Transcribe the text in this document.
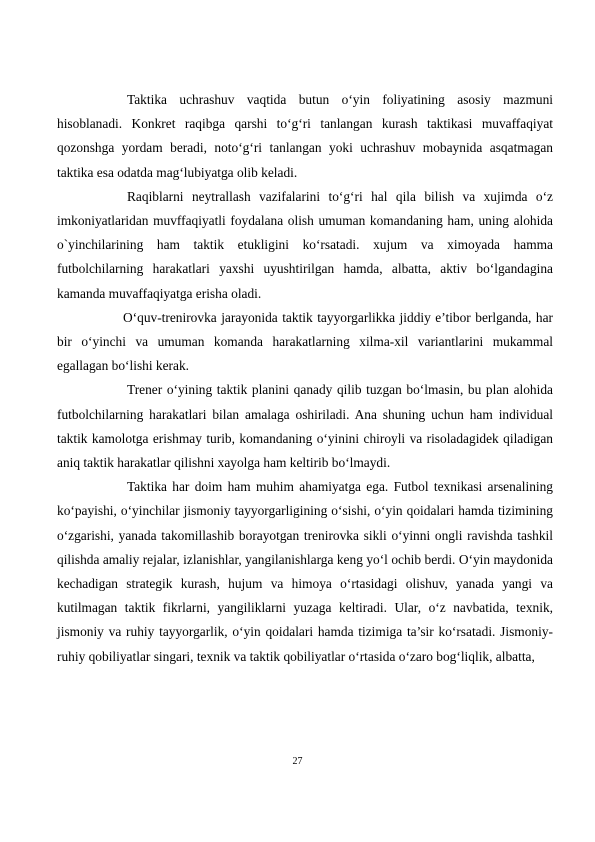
Taktika uchrashuv vaqtida butun o‘yin foliyatining asosiy mazmuni hisoblanadi. Konkret raqibga qarshi to‘g‘ri tanlangan kurash taktikasi muvaffaqiyat qozonshga yordam beradi, noto‘g‘ri tanlangan yoki uchrashuv mobaynida asqatmagan taktika esa odatda mag‘lubiyatga olib keladi.

Raqiblarni neytrallash vazifalarini to‘g‘ri hal qila bilish va xujimda o‘z imkoniyatlaridan muvffaqiyatli foydalana olish umuman komandaning ham, uning alohida o`yinchilarining ham taktik etukligini ko‘rsatadi. xujum va ximoyada hamma futbolchilarning harakatlari yaxshi uyushtirilgan hamda, albatta, aktiv bo‘lgandagina kamanda muvaffaqiyatga erisha oladi.

O‘quv-trenirovka jarayonida taktik tayyorgarlikka jiddiy e’tibor berlganda, har bir o‘yinchi va umuman komanda harakatlarning xilma-xil variantlarini mukammal egallagan bo‘lishi kerak.

Trener o‘yining taktik planini qanady qilib tuzgan bo‘lmasin, bu plan alohida futbolchilarning harakatlari bilan amalaga oshiriladi. Ana shuning uchun ham individual taktik kamolotga erishmay turib, komandaning o‘yinini chiroyli va risoladagidek qiladigan aniq taktik harakatlar qilishni xayolga ham keltirib bo‘lmaydi.

Taktika har doim ham muhim ahamiyatga ega. Futbol texnikasi arsenalining ko‘payishi, o‘yinchilar jismoniy tayyorgarligining o‘sishi, o‘yin qoidalari hamda tizimining o‘zgarishi, yanada takomillashib borayotgan trenirovka sikli o‘yinni ongli ravishda tashkil qilishda amaliy rejalar, izlanishlar, yangilanishlarga keng yo‘l ochib berdi. O‘yin maydonida kechadigan strategik kurash, hujum va himoya o‘rtasidagi olishuv, yanada yangi va kutilmagan taktik fikrlarni, yangiliklarni yuzaga keltiradi. Ular, o‘z navbatida, texnik, jismoniy va ruhiy tayyorgarlik, o‘yin qoidalari hamda tizimiga ta’sir ko‘rsatadi. Jismoniy-ruhiy qobiliyatlar singari, texnik va taktik qobiliyatlar o‘rtasida o‘zaro bog‘liqlik, albatta,

27
